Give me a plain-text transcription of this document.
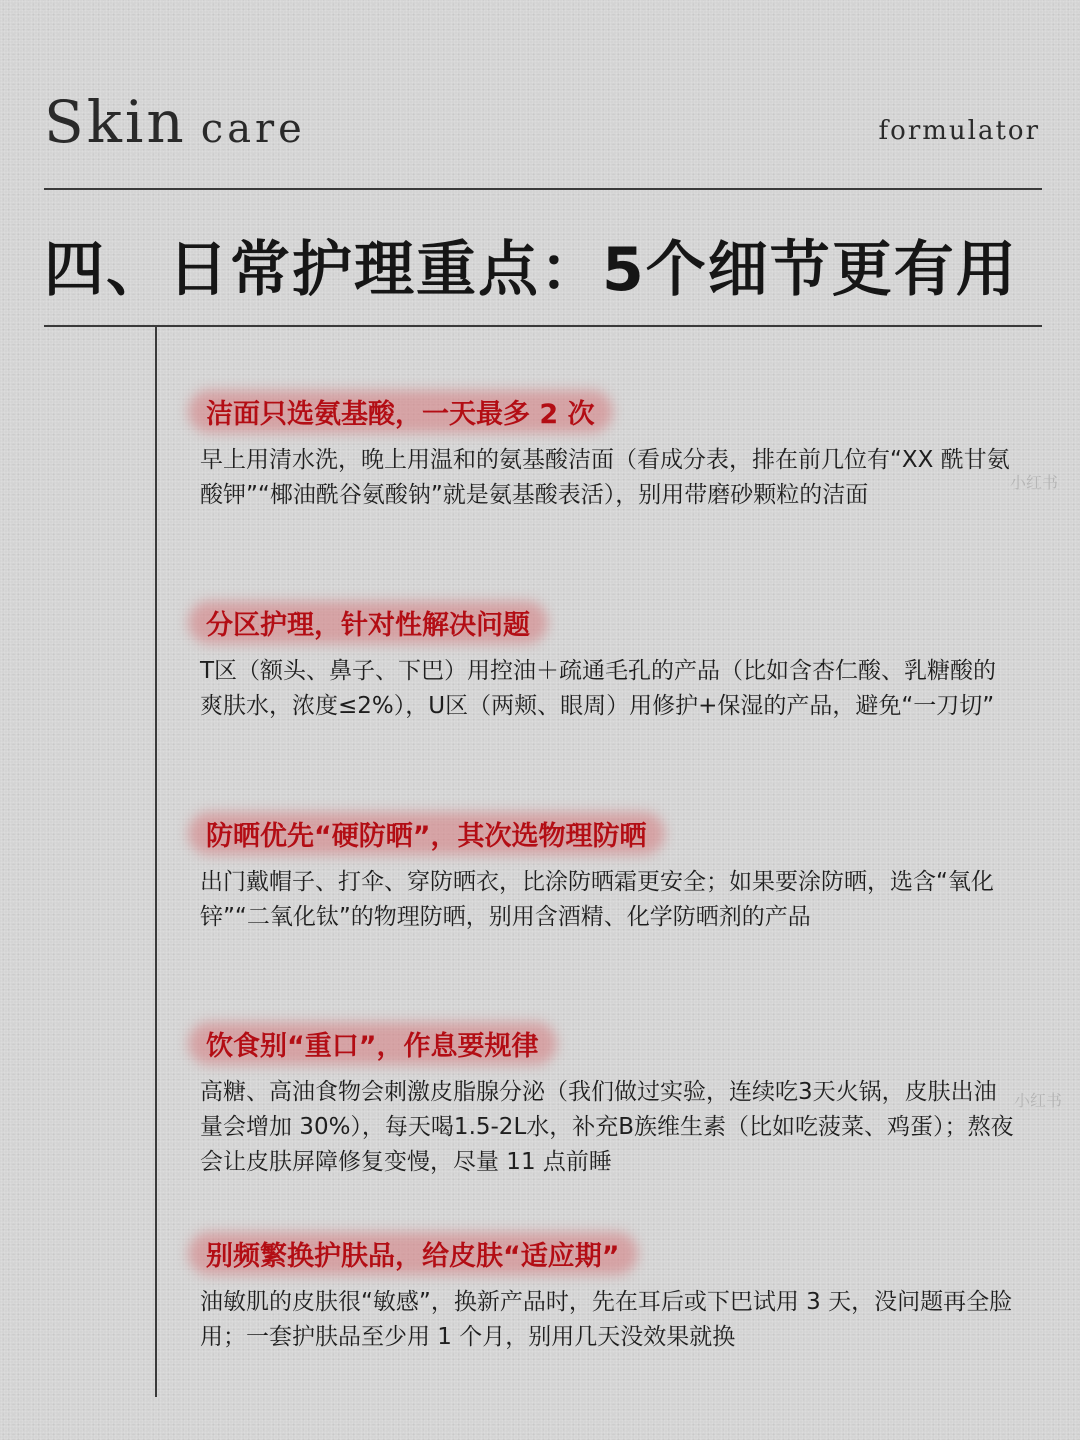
Skin care	formulator
四、日常护理重点：5个细节更有用
洁面只选氨基酸，一天最多 2 次
早上用清水洗，晚上用温和的氨基酸洁面（看成分表，排在前几位有“XX 酰甘氨酸钾”“椰油酰谷氨酸钠”就是氨基酸表活），别用带磨砂颗粒的洁面
分区护理，针对性解决问题
T区（额头、鼻子、下巴）用控油＋疏通毛孔的产品（比如含杏仁酸、乳糖酸的爽肤水，浓度≤2%），U区（两颊、眼周）用修护+保湿的产品，避免“一刀切”
防晒优先“硬防晒”，其次选物理防晒
出门戴帽子、打伞、穿防晒衣，比涂防晒霜更安全；如果要涂防晒，选含“氧化锌”“二氧化钛”的物理防晒，别用含酒精、化学防晒剂的产品
饮食别“重口”，作息要规律
高糖、高油食物会刺激皮脂腺分泌（我们做过实验，连续吃3天火锅，皮肤出油量会增加 30%），每天喝1.5-2L水，补充B族维生素（比如吃菠菜、鸡蛋）；熬夜会让皮肤屏障修复变慢，尽量 11 点前睡
别频繁换护肤品，给皮肤“适应期”
油敏肌的皮肤很“敏感”，换新产品时，先在耳后或下巴试用 3 天，没问题再全脸用；一套护肤品至少用 1 个月，别用几天没效果就换
小红书
小红书
